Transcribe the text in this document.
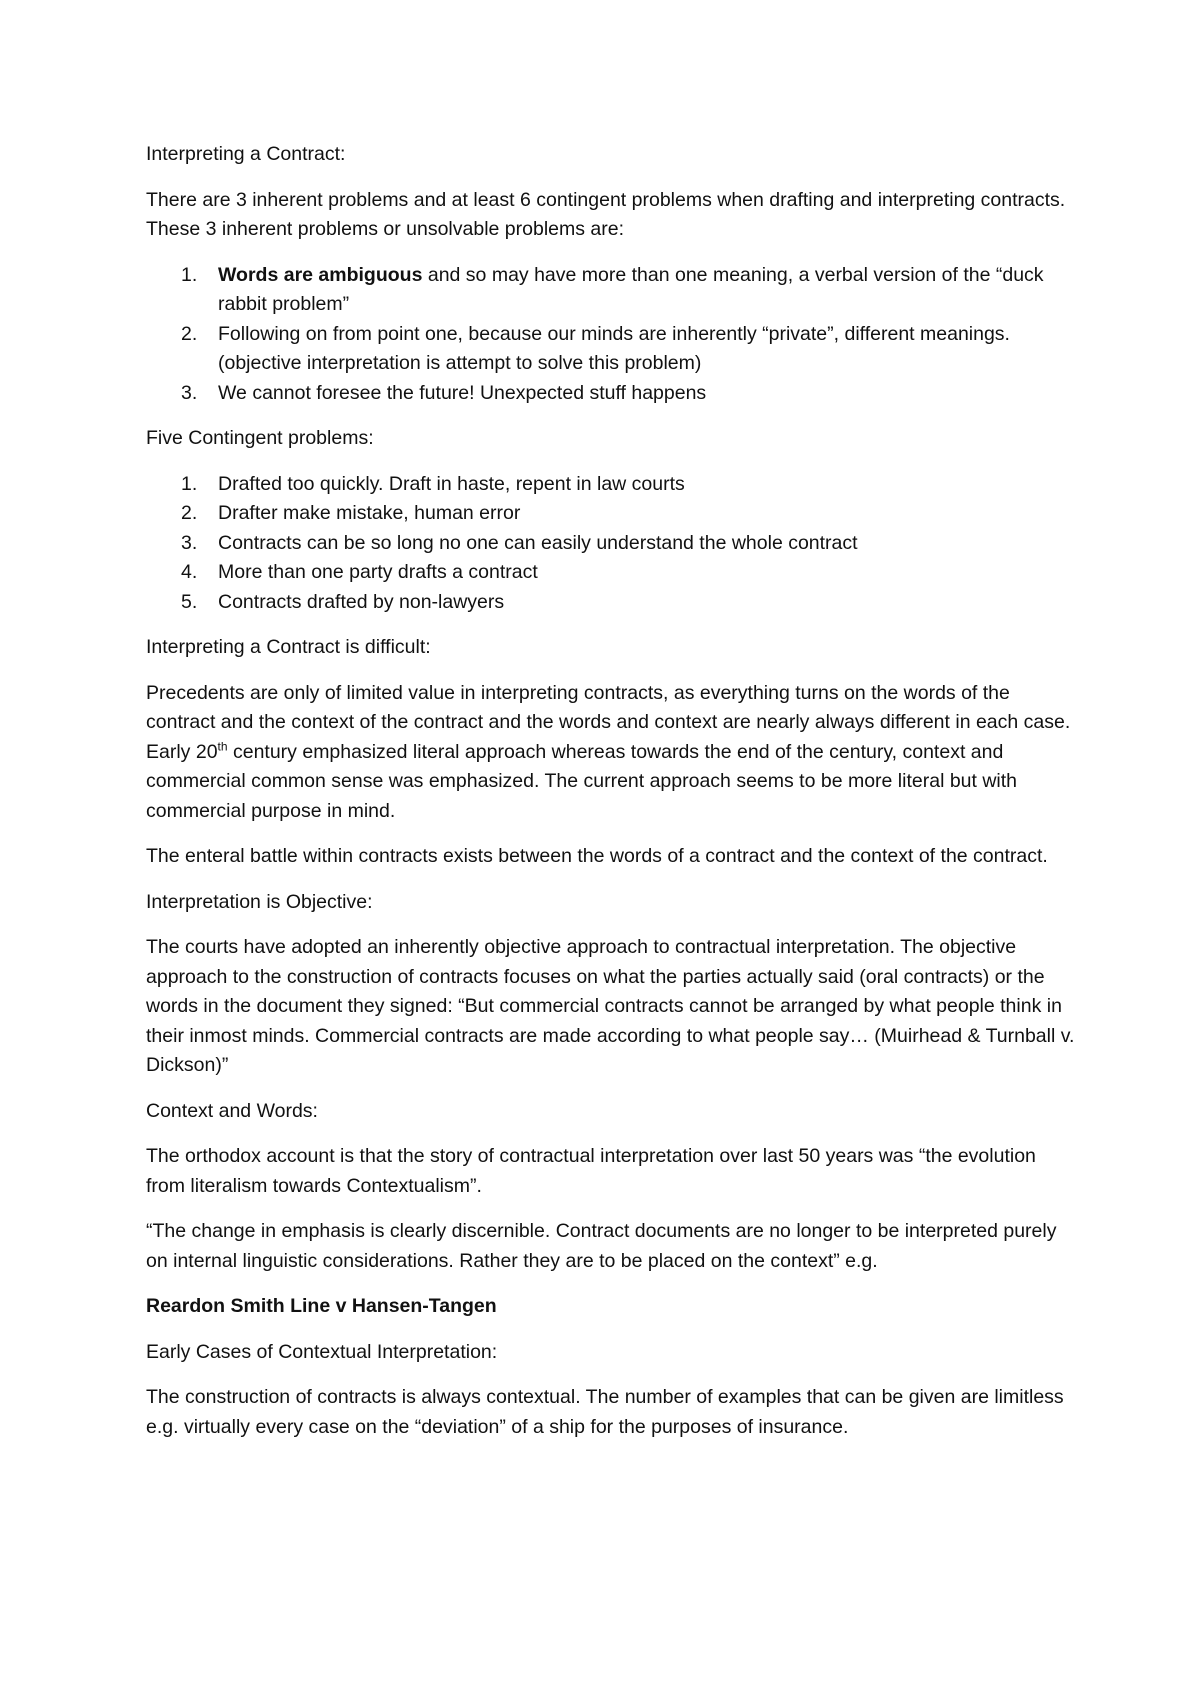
Interpreting a Contract:

There are 3 inherent problems and at least 6 contingent problems when drafting and interpreting contracts. These 3 inherent problems or unsolvable problems are:

1. Words are ambiguous and so may have more than one meaning, a verbal version of the “duck rabbit problem”
2. Following on from point one, because our minds are inherently “private”, different meanings. (objective interpretation is attempt to solve this problem)
3. We cannot foresee the future! Unexpected stuff happens

Five Contingent problems:

1. Drafted too quickly. Draft in haste, repent in law courts
2. Drafter make mistake, human error
3. Contracts can be so long no one can easily understand the whole contract
4. More than one party drafts a contract
5. Contracts drafted by non-lawyers

Interpreting a Contract is difficult:

Precedents are only of limited value in interpreting contracts, as everything turns on the words of the contract and the context of the contract and the words and context are nearly always different in each case. Early 20th century emphasized literal approach whereas towards the end of the century, context and commercial common sense was emphasized. The current approach seems to be more literal but with commercial purpose in mind.

The enteral battle within contracts exists between the words of a contract and the context of the contract.

Interpretation is Objective:

The courts have adopted an inherently objective approach to contractual interpretation. The objective approach to the construction of contracts focuses on what the parties actually said (oral contracts) or the words in the document they signed: “But commercial contracts cannot be arranged by what people think in their inmost minds. Commercial contracts are made according to what people say… (Muirhead & Turnball v. Dickson)”

Context and Words:

The orthodox account is that the story of contractual interpretation over last 50 years was “the evolution from literalism towards Contextualism”.

“The change in emphasis is clearly discernible. Contract documents are no longer to be interpreted purely on internal linguistic considerations. Rather they are to be placed on the context” e.g.

Reardon Smith Line v Hansen-Tangen

Early Cases of Contextual Interpretation:

The construction of contracts is always contextual. The number of examples that can be given are limitless e.g. virtually every case on the “deviation” of a ship for the purposes of insurance.
